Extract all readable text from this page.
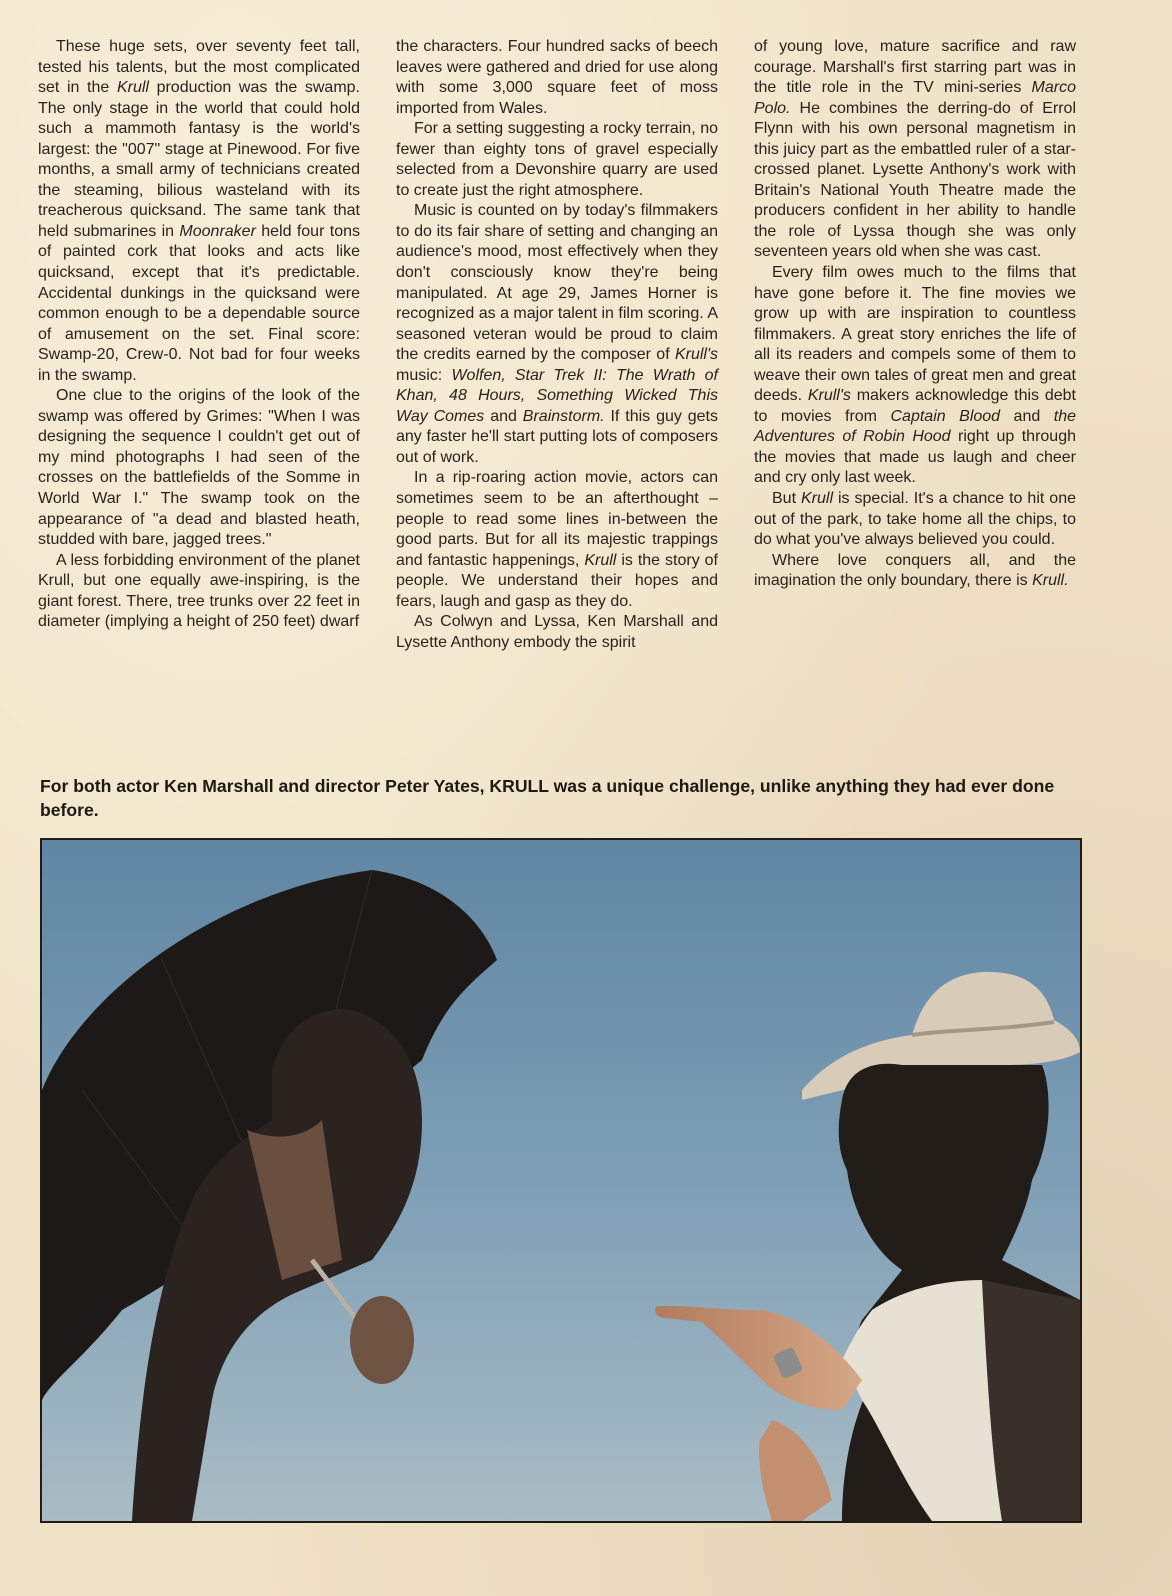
These huge sets, over seventy feet tall, tested his talents, but the most complicated set in the Krull production was the swamp. The only stage in the world that could hold such a mammoth fantasy is the world's largest: the "007" stage at Pinewood. For five months, a small army of technicians created the steaming, bilious wasteland with its treacherous quicksand. The same tank that held submarines in Moonraker held four tons of painted cork that looks and acts like quicksand, except that it's predictable. Accidental dunkings in the quicksand were common enough to be a dependable source of amusement on the set. Final score: Swamp-20, Crew-0. Not bad for four weeks in the swamp.

One clue to the origins of the look of the swamp was offered by Grimes: "When I was designing the sequence I couldn't get out of my mind photographs I had seen of the crosses on the battlefields of the Somme in World War I." The swamp took on the appearance of "a dead and blasted heath, studded with bare, jagged trees."

A less forbidding environment of the planet Krull, but one equally awe-inspiring, is the giant forest. There, tree trunks over 22 feet in diameter (implying a height of 250 feet) dwarf

the characters. Four hundred sacks of beech leaves were gathered and dried for use along with some 3,000 square feet of moss imported from Wales.

For a setting suggesting a rocky terrain, no fewer than eighty tons of gravel especially selected from a Devonshire quarry are used to create just the right atmosphere.

Music is counted on by today's filmmakers to do its fair share of setting and changing an audience's mood, most effectively when they don't consciously know they're being manipulated. At age 29, James Horner is recognized as a major talent in film scoring. A seasoned veteran would be proud to claim the credits earned by the composer of Krull's music: Wolfen, Star Trek II: The Wrath of Khan, 48 Hours, Something Wicked This Way Comes and Brainstorm. If this guy gets any faster he'll start putting lots of composers out of work.

In a rip-roaring action movie, actors can sometimes seem to be an afterthought – people to read some lines in-between the good parts. But for all its majestic trappings and fantastic happenings, Krull is the story of people. We understand their hopes and fears, laugh and gasp as they do.

As Colwyn and Lyssa, Ken Marshall and Lysette Anthony embody the spirit

of young love, mature sacrifice and raw courage. Marshall's first starring part was in the title role in the TV mini-series Marco Polo. He combines the derring-do of Errol Flynn with his own personal magnetism in this juicy part as the embattled ruler of a star-crossed planet. Lysette Anthony's work with Britain's National Youth Theatre made the producers confident in her ability to handle the role of Lyssa though she was only seventeen years old when she was cast.

Every film owes much to the films that have gone before it. The fine movies we grow up with are inspiration to countless filmmakers. A great story enriches the life of all its readers and compels some of them to weave their own tales of great men and great deeds. Krull's makers acknowledge this debt to movies from Captain Blood and the Adventures of Robin Hood right up through the movies that made us laugh and cheer and cry only last week.

But Krull is special. It's a chance to hit one out of the park, to take home all the chips, to do what you've always believed you could.

Where love conquers all, and the imagination the only boundary, there is Krull.

For both actor Ken Marshall and director Peter Yates, KRULL was a unique challenge, unlike anything they had ever done before.
